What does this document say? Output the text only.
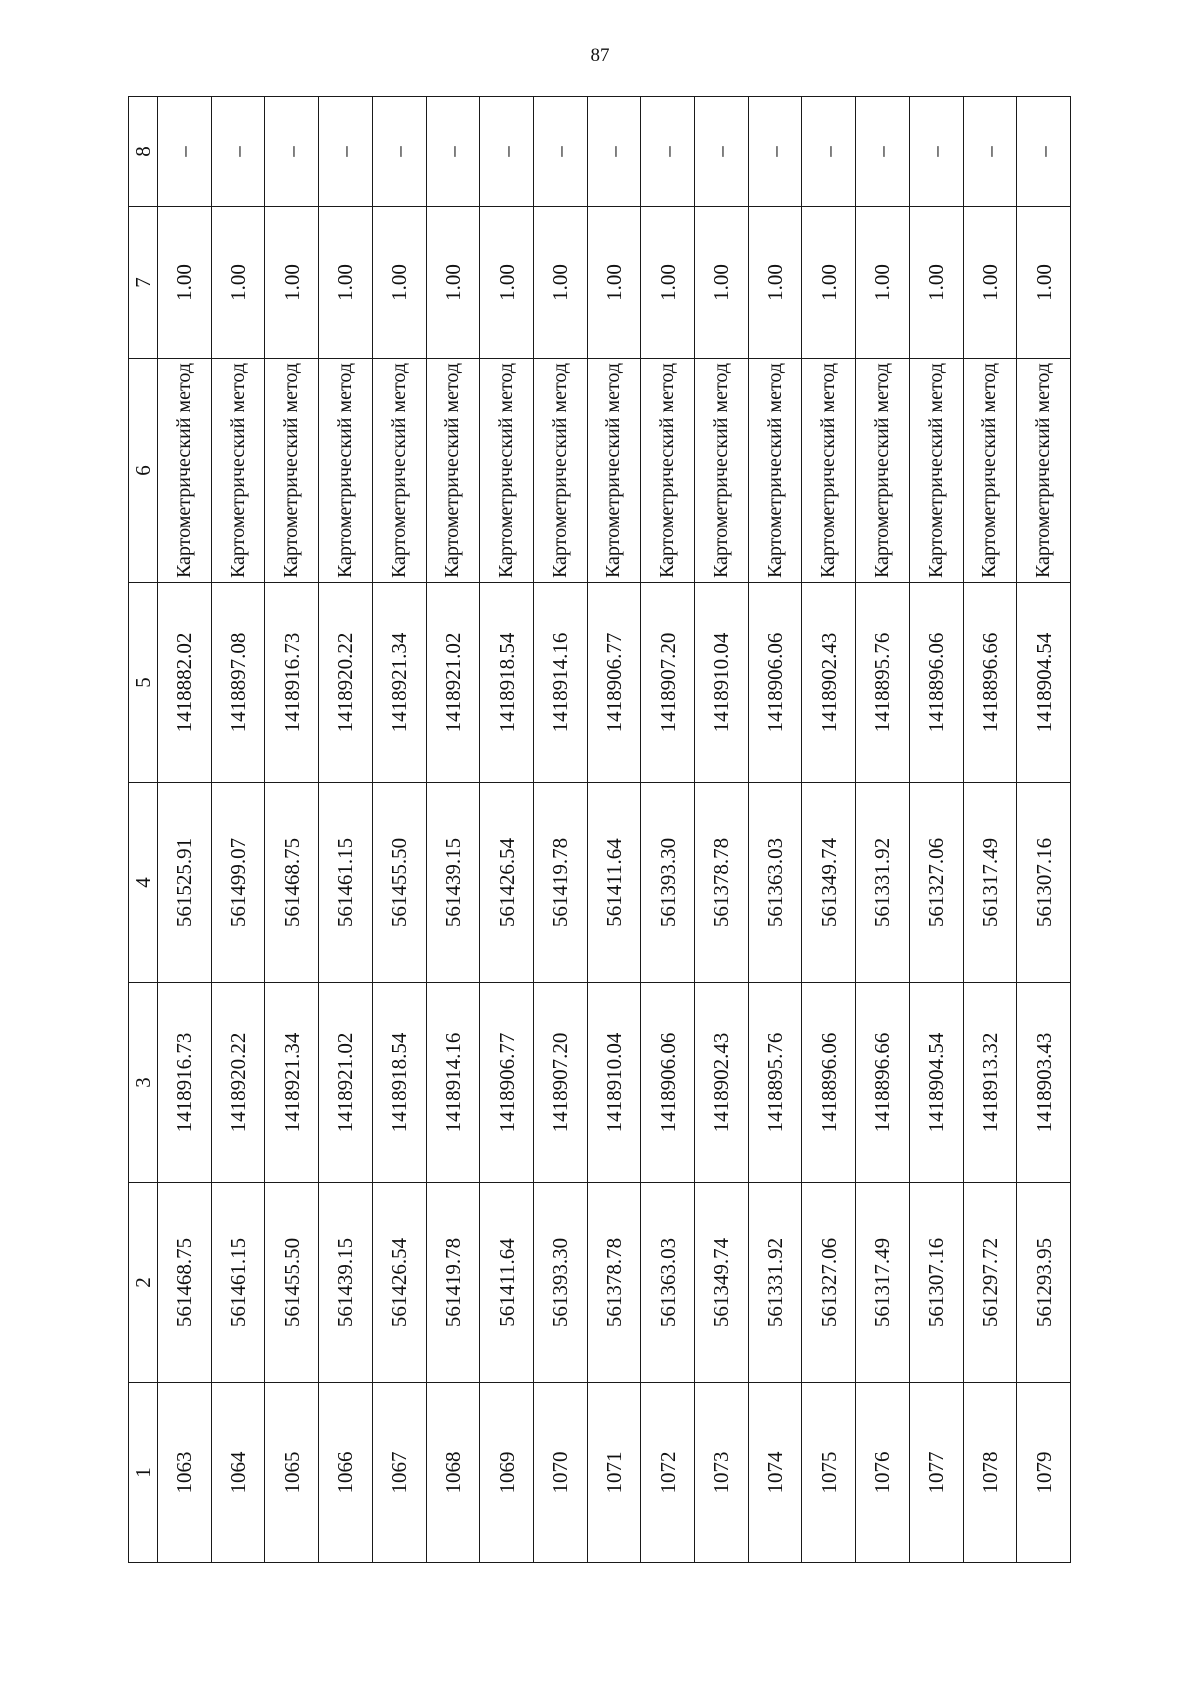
87
1	2	3	4	5	6	7	8
1063	561468.75	1418916.73	561525.91	1418882.02	Картометрический метод	1.00	–
1064	561461.15	1418920.22	561499.07	1418897.08	Картометрический метод	1.00	–
1065	561455.50	1418921.34	561468.75	1418916.73	Картометрический метод	1.00	–
1066	561439.15	1418921.02	561461.15	1418920.22	Картометрический метод	1.00	–
1067	561426.54	1418918.54	561455.50	1418921.34	Картометрический метод	1.00	–
1068	561419.78	1418914.16	561439.15	1418921.02	Картометрический метод	1.00	–
1069	561411.64	1418906.77	561426.54	1418918.54	Картометрический метод	1.00	–
1070	561393.30	1418907.20	561419.78	1418914.16	Картометрический метод	1.00	–
1071	561378.78	1418910.04	561411.64	1418906.77	Картометрический метод	1.00	–
1072	561363.03	1418906.06	561393.30	1418907.20	Картометрический метод	1.00	–
1073	561349.74	1418902.43	561378.78	1418910.04	Картометрический метод	1.00	–
1074	561331.92	1418895.76	561363.03	1418906.06	Картометрический метод	1.00	–
1075	561327.06	1418896.06	561349.74	1418902.43	Картометрический метод	1.00	–
1076	561317.49	1418896.66	561331.92	1418895.76	Картометрический метод	1.00	–
1077	561307.16	1418904.54	561327.06	1418896.06	Картометрический метод	1.00	–
1078	561297.72	1418913.32	561317.49	1418896.66	Картометрический метод	1.00	–
1079	561293.95	1418903.43	561307.16	1418904.54	Картометрический метод	1.00	–
